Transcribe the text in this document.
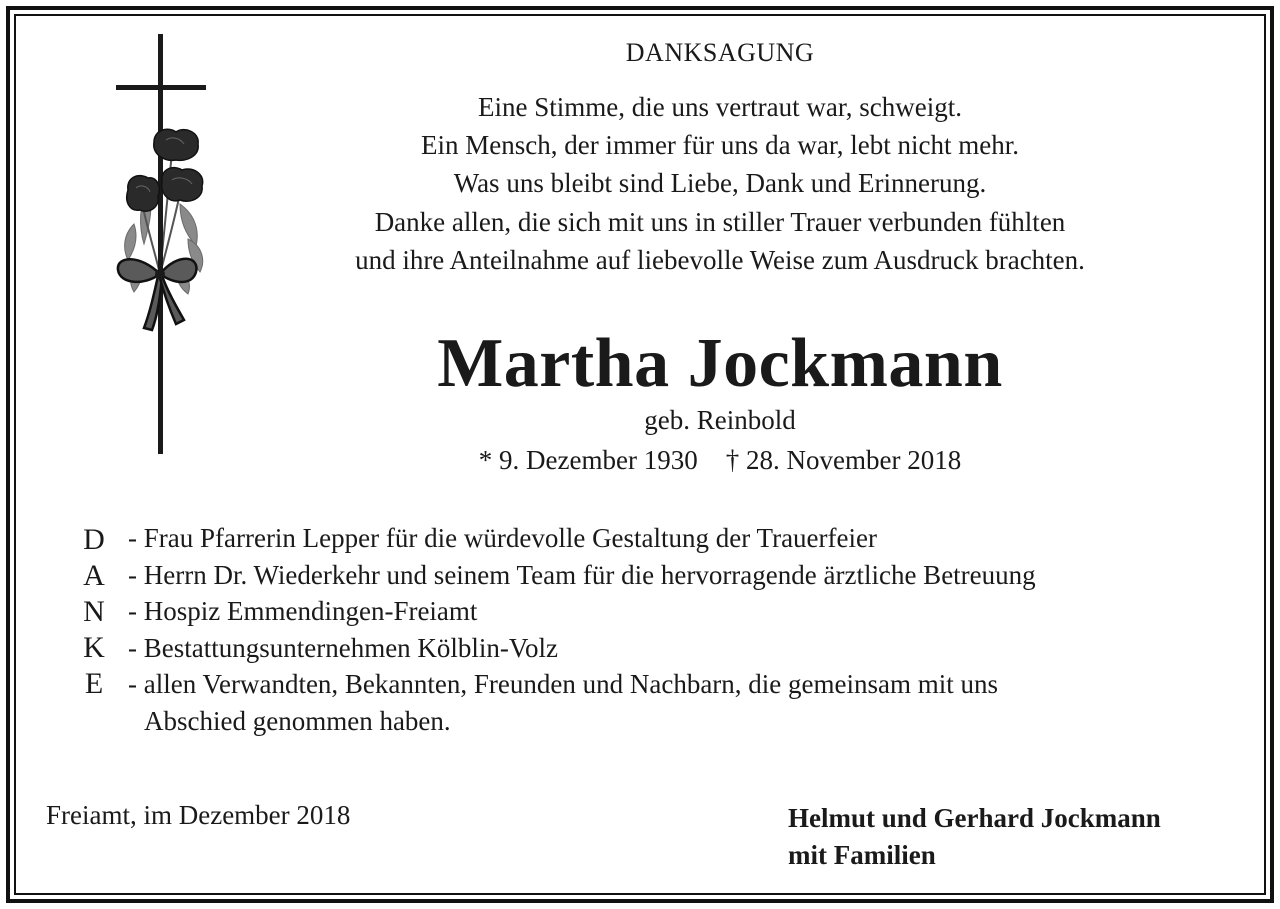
DANKSAGUNG
Eine Stimme, die uns vertraut war, schweigt.
Ein Mensch, der immer für uns da war, lebt nicht mehr.
Was uns bleibt sind Liebe, Dank und Erinnerung.
Danke allen, die sich mit uns in stiller Trauer verbunden fühlten
und ihre Anteilnahme auf liebevolle Weise zum Ausdruck brachten.
Martha Jockmann
geb. Reinbold
* 9. Dezember 1930 † 28. November 2018
D
A
N
K
E
- Frau Pfarrerin Lepper für die würdevolle Gestaltung der Trauerfeier
- Herrn Dr. Wiederkehr und seinem Team für die hervorragende ärztliche Betreuung
- Hospiz Emmendingen-Freiamt
- Bestattungsunternehmen Kölblin-Volz
- allen Verwandten, Bekannten, Freunden und Nachbarn, die gemeinsam mit uns
Abschied genommen haben.
Freiamt, im Dezember 2018	Helmut und Gerhard Jockmann
mit Familien
